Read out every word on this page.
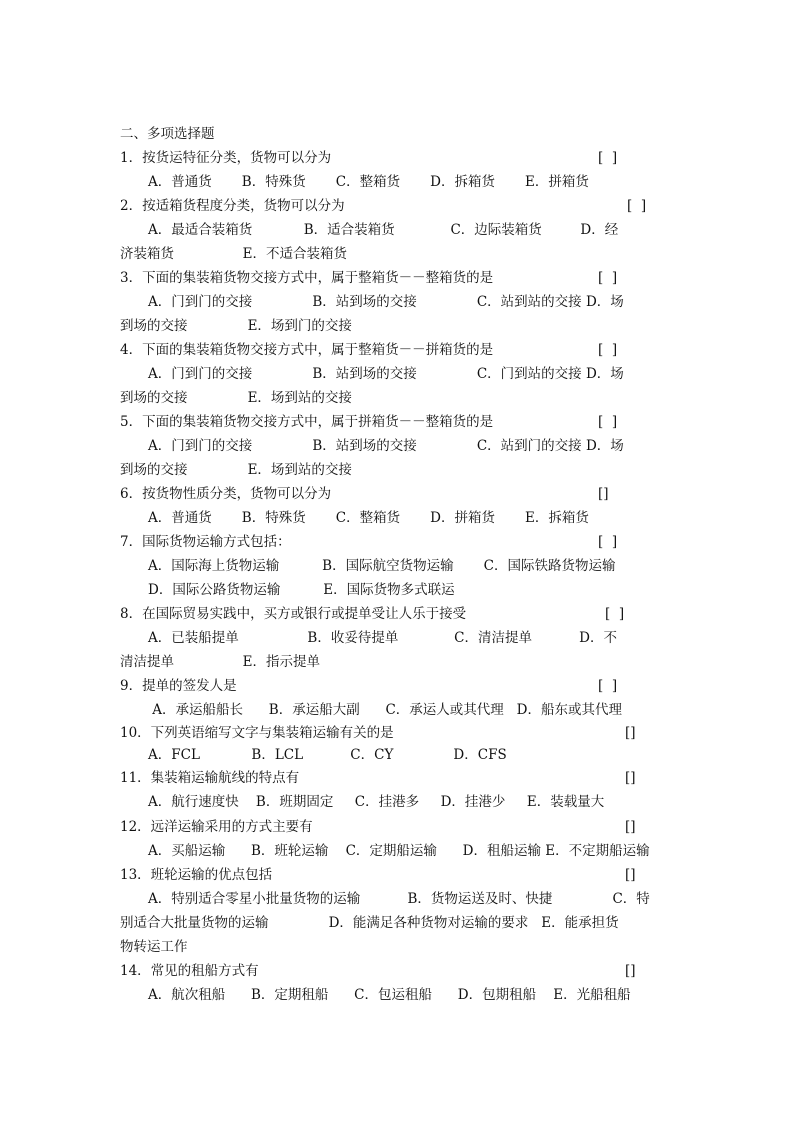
二、多项选择题
1．按货运特征分类，货物可以分为	[  ]
A．普通货       B．特殊货       C．整箱货       D．拆箱货       E．拼箱货
2．按适箱货程度分类，货物可以分为	[  ]
A．最适合装箱货            B．适合装箱货             C．边际装箱货         D．经
济装箱货                E．不适合装箱货
3．下面的集装箱货物交接方式中，属于整箱货－－整箱货的是	[  ]
A．门到门的交接              B．站到场的交接              C．站到站的交接 D．场
到场的交接              E．场到门的交接
4．下面的集装箱货物交接方式中，属于整箱货－－拼箱货的是	[  ]
A．门到门的交接              B．站到场的交接              C．门到站的交接 D．场
到场的交接              E．场到站的交接
5．下面的集装箱货物交接方式中，属于拼箱货－－整箱货的是	[  ]
A．门到门的交接              B．站到场的交接              C．站到门的交接 D．场
到场的交接              E．场到站的交接
6．按货物性质分类，货物可以分为	[]
A．普通货       B．特殊货       C．整箱货       D．拼箱货       E．拆箱货
7．国际货物运输方式包括：	[  ]
A．国际海上货物运输          B．国际航空货物运输       C．国际铁路货物运输
D．国际公路货物运输          E．国际货物多式联运
8．在国际贸易实践中，买方或银行或提单受让人乐于接受	[  ]
A．已装船提单                B．收妥待提单             C．清洁提单           D．不
清洁提单                E．指示提单
9．提单的签发人是	[  ]
A．承运船船长      B．承运船大副      C．承运人或其代理   D．船东或其代理
10．下列英语缩写文字与集装箱运输有关的是	[]
A．FCL            B．LCL           C．CY              D．CFS
11．集装箱运输航线的特点有	[]
A．航行速度快    B．班期固定     C．挂港多     D．挂港少     E．装载量大
12．远洋运输采用的方式主要有	[]
A．买船运输      B．班轮运输    C．定期船运输      D．租船运输 E．不定期船运输
13．班轮运输的优点包括	[]
A．特别适合零星小批量货物的运输           B．货物运送及时、快捷              C．特
别适合大批量货物的运输              D．能满足各种货物对运输的要求   E．能承担货
物转运工作
14．常见的租船方式有	[]
A．航次租船      B．定期租船      C．包运租船      D．包期租船    E．光船租船
